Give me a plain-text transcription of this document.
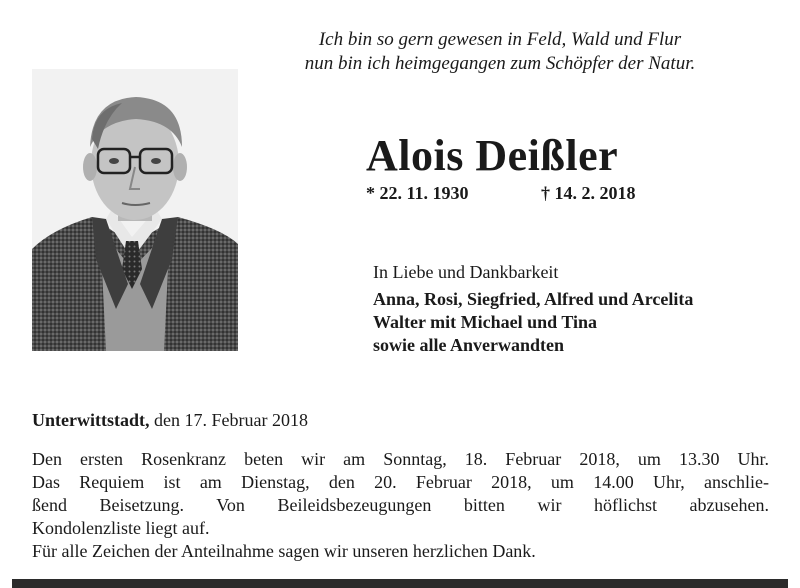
Ich bin so gern gewesen in Feld, Wald und Flur
nun bin ich heimgegangen zum Schöpfer der Natur.
Alois Deißler
* 22. 11. 1930	† 14. 2. 2018
In Liebe und Dankbarkeit
Anna, Rosi, Siegfried, Alfred und Arcelita
Walter mit Michael und Tina
sowie alle Anverwandten
Unterwittstadt, den 17. Februar 2018
Den ersten Rosenkranz beten wir am Sonntag, 18. Februar 2018, um 13.30 Uhr.
Das Requiem ist am Dienstag, den 20. Februar 2018, um 14.00 Uhr, anschlie-
ßend Beisetzung. Von Beileidsbezeugungen bitten wir höflichst abzusehen.
Kondolenzliste liegt auf.
Für alle Zeichen der Anteilnahme sagen wir unseren herzlichen Dank.
